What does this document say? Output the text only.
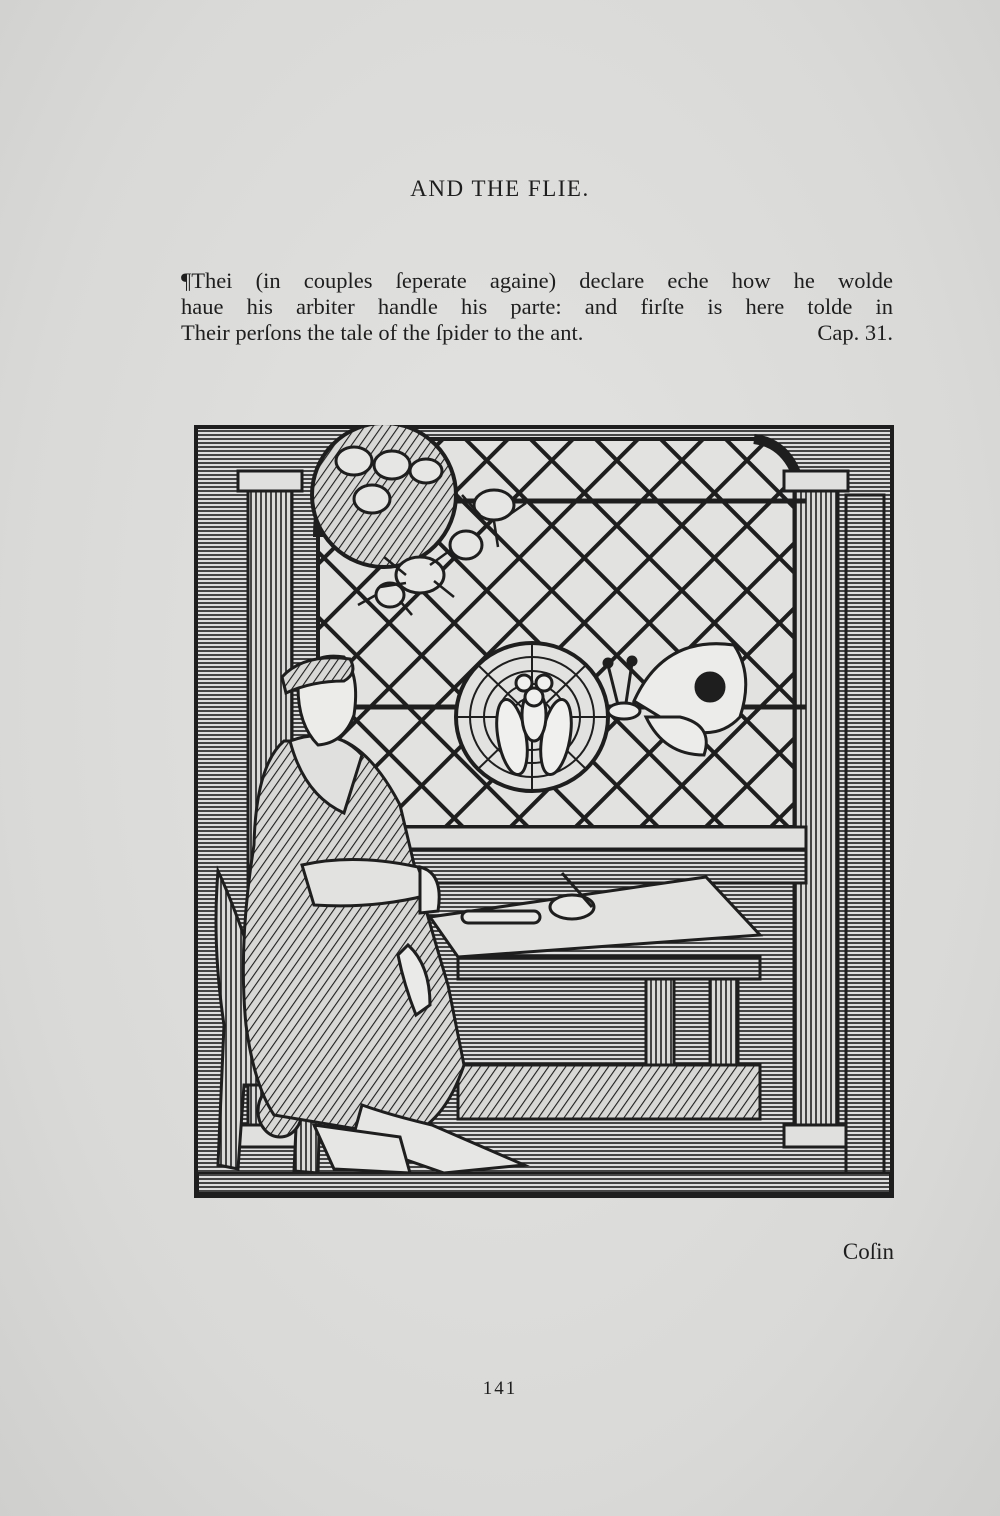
AND THE FLIE.
¶Thei (in couples ſeperate againe) declare eche how he wolde
haue his arbiter handle his parte: and firſte is here tolde in
Their perſons the tale of the ſpider to the ant.	Cap. 31.
Coſin
141
